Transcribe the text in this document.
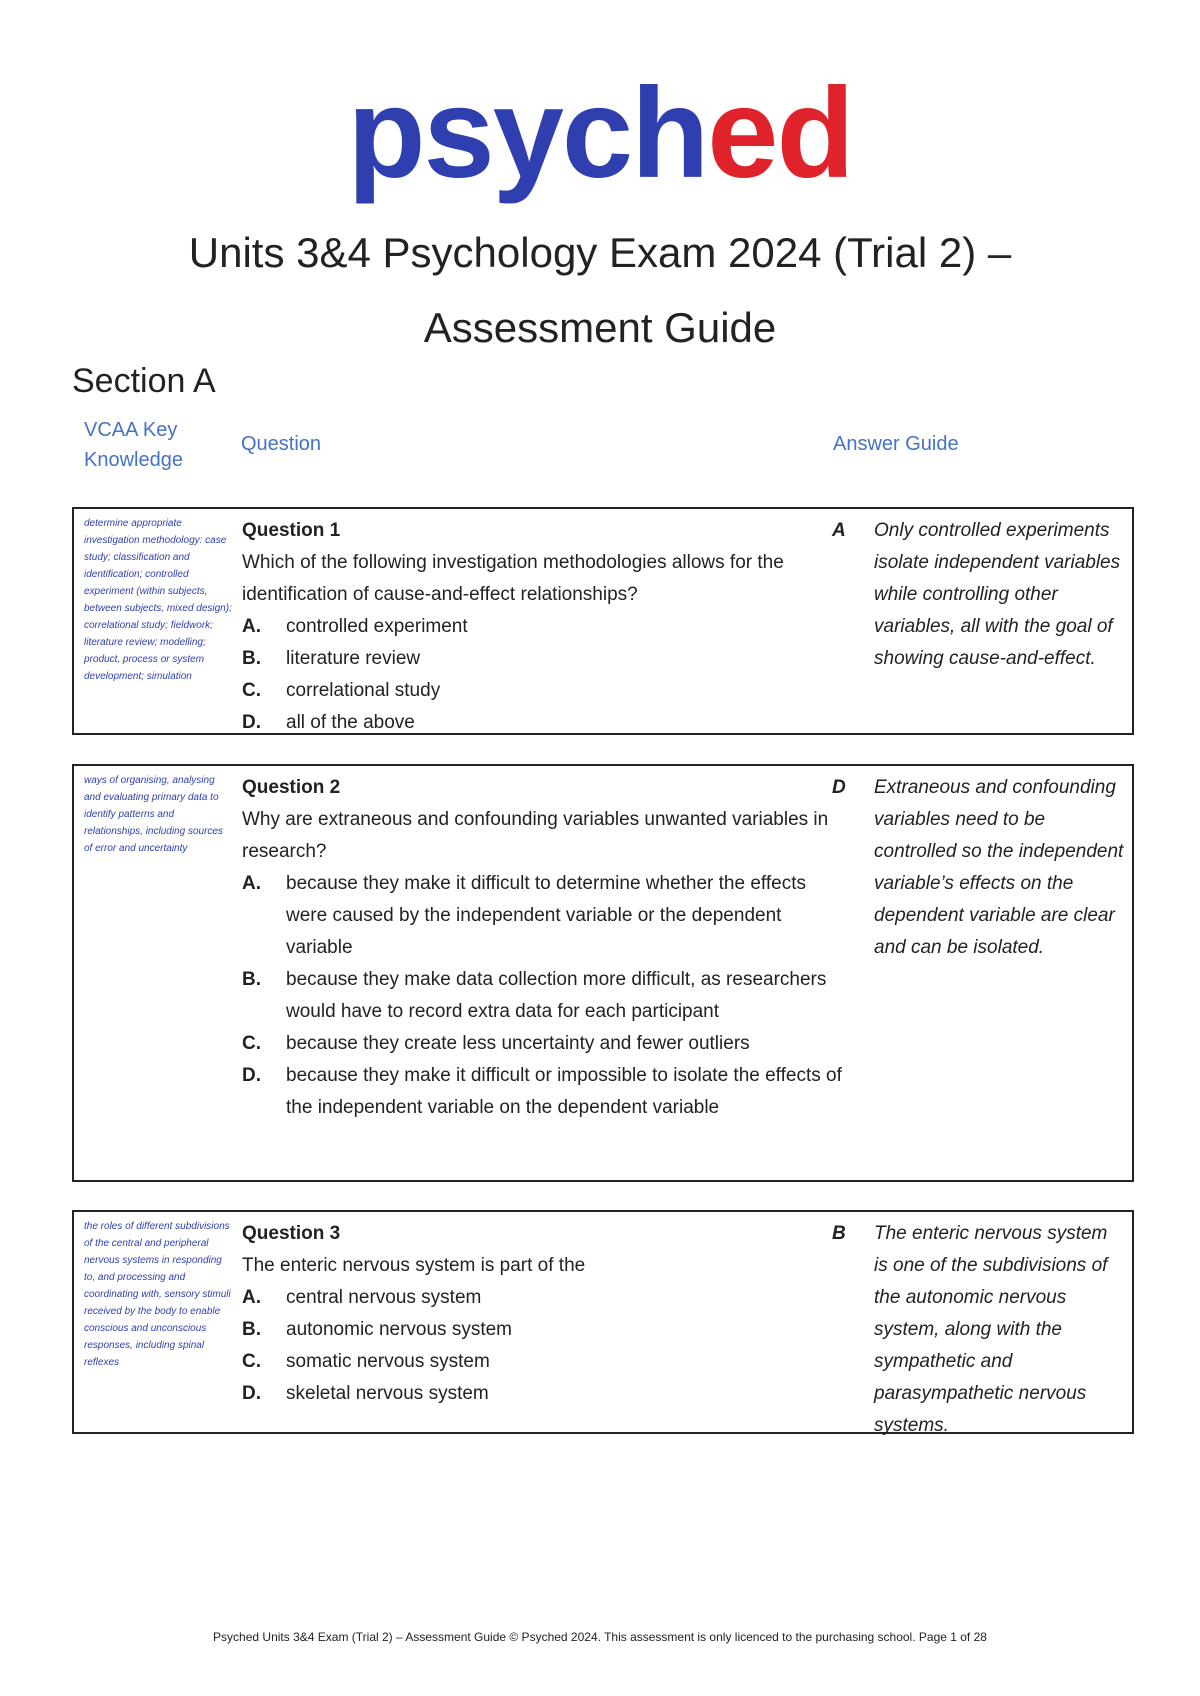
psyched
Units 3&4 Psychology Exam 2024 (Trial 2) –
Assessment Guide
Section A
VCAA Key
Knowledge
Question	Answer Guide
determine appropriate investigation methodology: case study; classification and identification; controlled experiment (within subjects, between subjects, mixed design); correlational study; fieldwork; literature review; modelling; product, process or system development; simulation
Question 1
Which of the following investigation methodologies allows for the identification of cause-and-effect relationships?
A. controlled experiment
B. literature review
C. correlational study
D. all of the above
A Only controlled experiments isolate independent variables while controlling other variables, all with the goal of showing cause-and-effect.
ways of organising, analysing and evaluating primary data to identify patterns and relationships, including sources of error and uncertainty
Question 2
Why are extraneous and confounding variables unwanted variables in research?
A. because they make it difficult to determine whether the effects were caused by the independent variable or the dependent variable
B. because they make data collection more difficult, as researchers would have to record extra data for each participant
C. because they create less uncertainty and fewer outliers
D. because they make it difficult or impossible to isolate the effects of the independent variable on the dependent variable
D Extraneous and confounding variables need to be controlled so the independent variable’s effects on the dependent variable are clear and can be isolated.
the roles of different subdivisions of the central and peripheral nervous systems in responding to, and processing and coordinating with, sensory stimuli received by the body to enable conscious and unconscious responses, including spinal reflexes
Question 3
The enteric nervous system is part of the
A. central nervous system
B. autonomic nervous system
C. somatic nervous system
D. skeletal nervous system
B The enteric nervous system is one of the subdivisions of the autonomic nervous system, along with the sympathetic and parasympathetic nervous systems.
Psyched Units 3&4 Exam (Trial 2) – Assessment Guide © Psyched 2024. This assessment is only licenced to the purchasing school. Page 1 of 28
